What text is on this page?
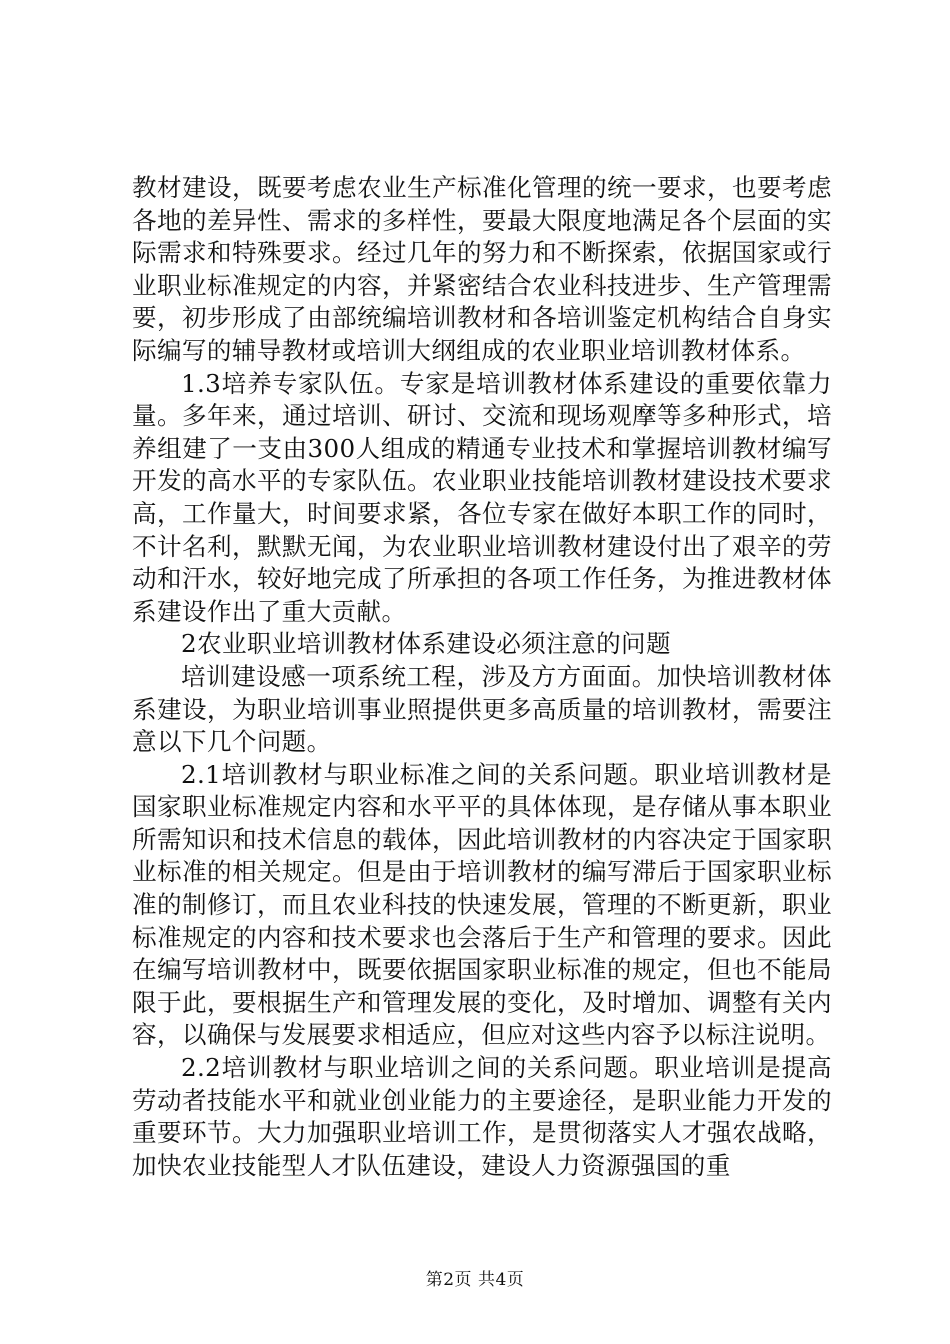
教材建设，既要考虑农业生产标准化管理的统一要求，也要考虑各地的差异性、需求的多样性，要最大限度地满足各个层面的实际需求和特殊要求。经过几年的努力和不断探索，依据国家或行业职业标准规定的内容，并紧密结合农业科技进步、生产管理需要，初步形成了由部统编培训教材和各培训鉴定机构结合自身实际编写的辅导教材或培训大纲组成的农业职业培训教材体系。

1.3培养专家队伍。专家是培训教材体系建设的重要依靠力量。多年来，通过培训、研讨、交流和现场观摩等多种形式，培养组建了一支由300人组成的精通专业技术和掌握培训教材编写开发的高水平的专家队伍。农业职业技能培训教材建设技术要求高，工作量大，时间要求紧，各位专家在做好本职工作的同时，不计名利，默默无闻，为农业职业培训教材建设付出了艰辛的劳动和汗水，较好地完成了所承担的各项工作任务，为推进教材体系建设作出了重大贡献。

2农业职业培训教材体系建设必须注意的问题

培训建设感一项系统工程，涉及方方面面。加快培训教材体系建设，为职业培训事业照提供更多高质量的培训教材，需要注意以下几个问题。

2.1培训教材与职业标准之间的关系问题。职业培训教材是国家职业标准规定内容和水平平的具体体现，是存储从事本职业所需知识和技术信息的载体，因此培训教材的内容决定于国家职业标准的相关规定。但是由于培训教材的编写滞后于国家职业标准的制修订，而且农业科技的快速发展，管理的不断更新，职业标准规定的内容和技术要求也会落后于生产和管理的要求。因此在编写培训教材中，既要依据国家职业标准的规定，但也不能局限于此，要根据生产和管理发展的变化，及时增加、调整有关内容，以确保与发展要求相适应，但应对这些内容予以标注说明。

2.2培训教材与职业培训之间的关系问题。职业培训是提高劳动者技能水平和就业创业能力的主要途径，是职业能力开发的重要环节。大力加强职业培训工作，是贯彻落实人才强农战略，加快农业技能型人才队伍建设，建设人力资源强国的重

第2页 共4页
